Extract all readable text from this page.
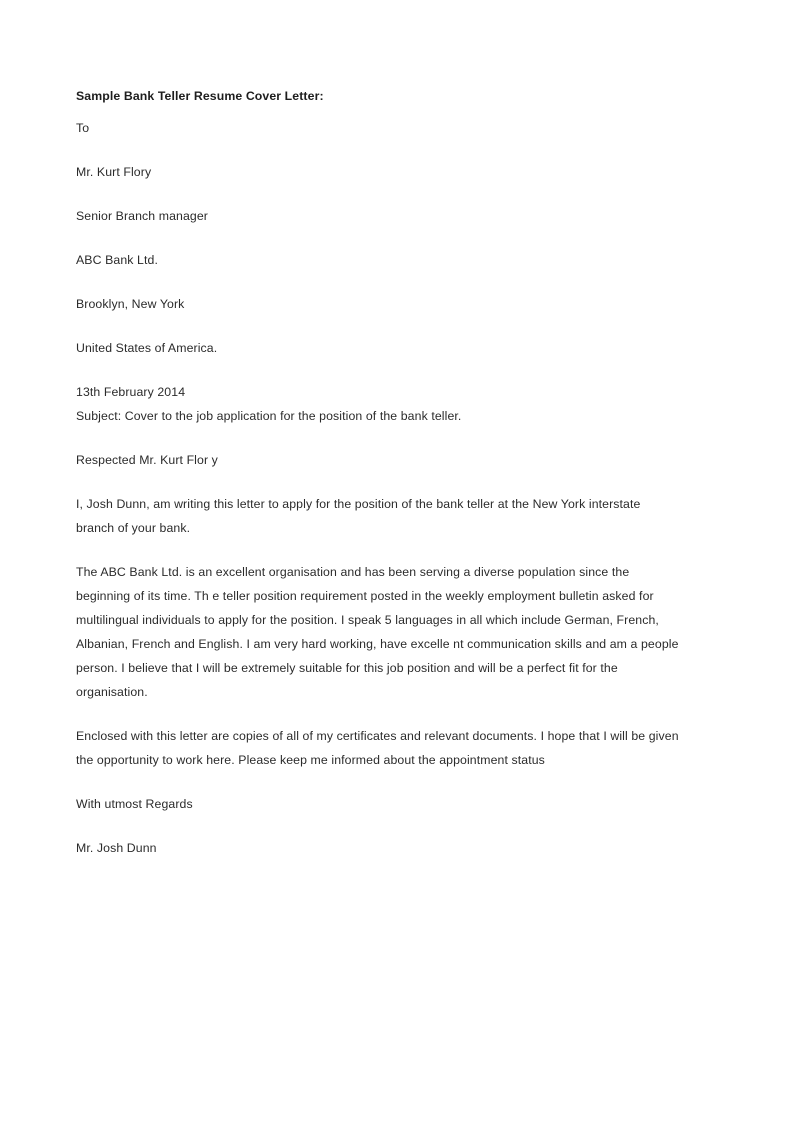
Sample Bank Teller Resume Cover Letter:

To

Mr. Kurt Flory

Senior Branch manager

ABC Bank Ltd.

Brooklyn, New York

United States of America.

13th February 2014

Subject: Cover to the job application for the position of the bank teller.

Respected Mr. Kurt Flor y

I, Josh Dunn, am writing this letter to apply for the position of the bank teller at the New York interstate
branch of your bank.
The ABC Bank Ltd. is an excellent organisation and has been serving a diverse population since the
beginning of its time. Th e teller position requirement posted in the weekly employment bulletin asked for
multilingual individuals to apply for the position. I speak 5 languages in all which include German, French,
Albanian, French and English. I am very hard working, have excelle nt communication skills and am a people
person. I believe that I will be extremely suitable for this job position and will be a perfect fit for the
organisation.
Enclosed with this letter are copies of all of my certificates and relevant documents. I hope that I will be given
the opportunity to work here. Please keep me informed about the appointment status

With utmost Regards

Mr. Josh Dunn
